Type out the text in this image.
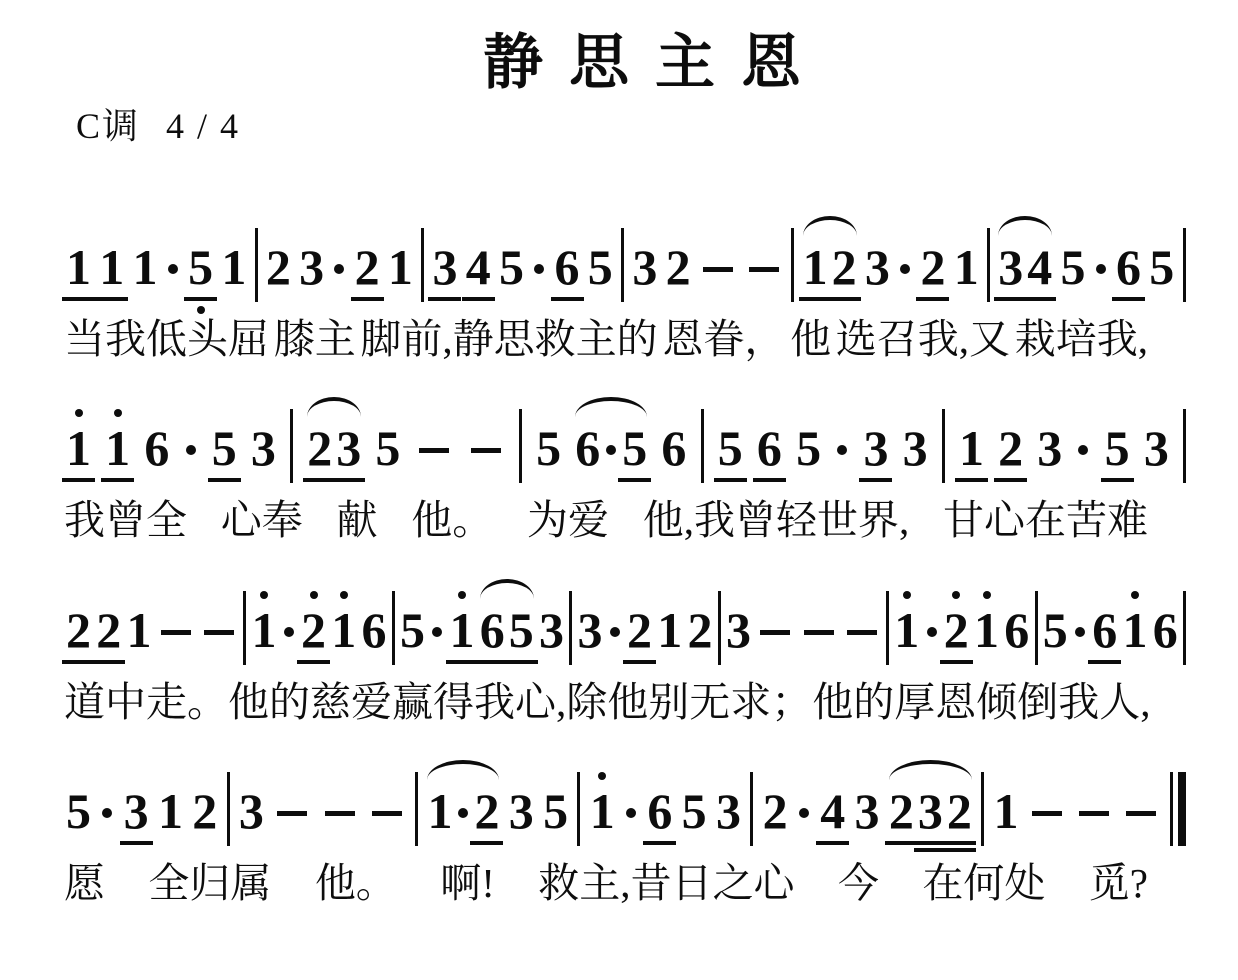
静思主恩
C调 4 / 4
1 1 1 5 1 2 3 2 1 3 4 5 6 5 3 2 1 2 3 2 1 3 4 5 6 5
当我低头屈 膝主 脚前,静思救主的 恩眷， 他 选召我,又 栽培我,
1 1 6 5 3 2 3 5	5 6 5 6 5 6 5 3 3 1 2 3 5 3
我曾全 心奉 献 他。 为爱 他,我曾轻世界, 甘心在苦难
2 2 1 1 2 1 6 5 1 6 5 3 3 2 1 2 3	1 2 1 6 5 6 1 6
道中走。 他的慈爱 赢得我 心,除他别无 求； 他 的厚恩 倾倒我人,
5 3 1 2 3	1 2 3 5 1 6 5 3 2 4 3 2 3 2 1
愿 全归属 他。 啊! 救主,昔日之心 今 在何处 觅?
